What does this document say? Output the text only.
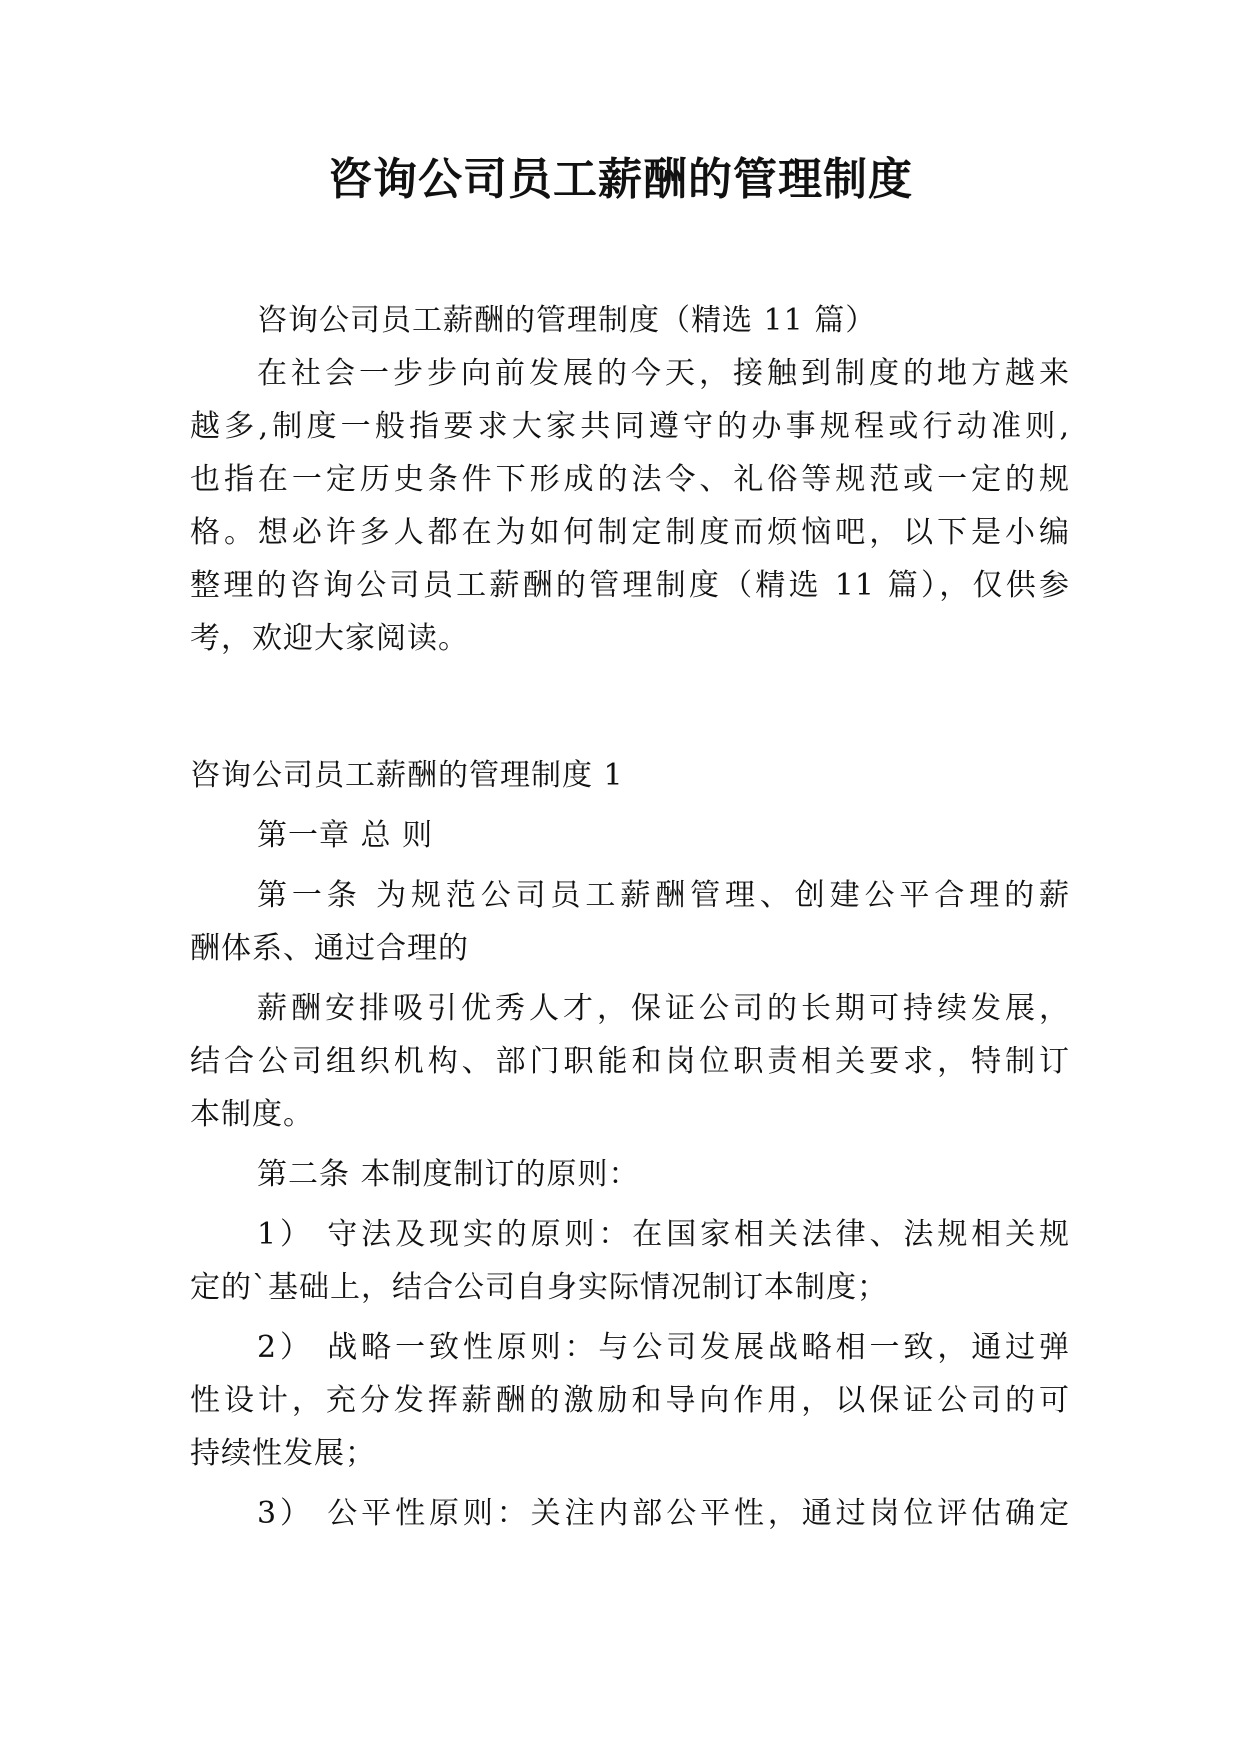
咨询公司员工薪酬的管理制度

咨询公司员工薪酬的管理制度（精选 11 篇）

在社会一步步向前发展的今天，接触到制度的地方越来

越多,制度一般指要求大家共同遵守的办事规程或行动准则,

也指在一定历史条件下形成的法令、礼俗等规范或一定的规

格。想必许多人都在为如何制定制度而烦恼吧，以下是小编

整理的咨询公司员工薪酬的管理制度（精选 11 篇），仅供参

考，欢迎大家阅读。

咨询公司员工薪酬的管理制度 1

第一章 总 则

第一条 为规范公司员工薪酬管理、创建公平合理的薪

酬体系、通过合理的

薪酬安排吸引优秀人才，保证公司的长期可持续发展，

结合公司组织机构、部门职能和岗位职责相关要求，特制订

本制度。

第二条 本制度制订的原则：

1） 守法及现实的原则：在国家相关法律、法规相关规

定的`基础上，结合公司自身实际情况制订本制度；

2） 战略一致性原则：与公司发展战略相一致，通过弹

性设计，充分发挥薪酬的激励和导向作用，以保证公司的可

持续性发展；

3） 公平性原则：关注内部公平性，通过岗位评估确定
